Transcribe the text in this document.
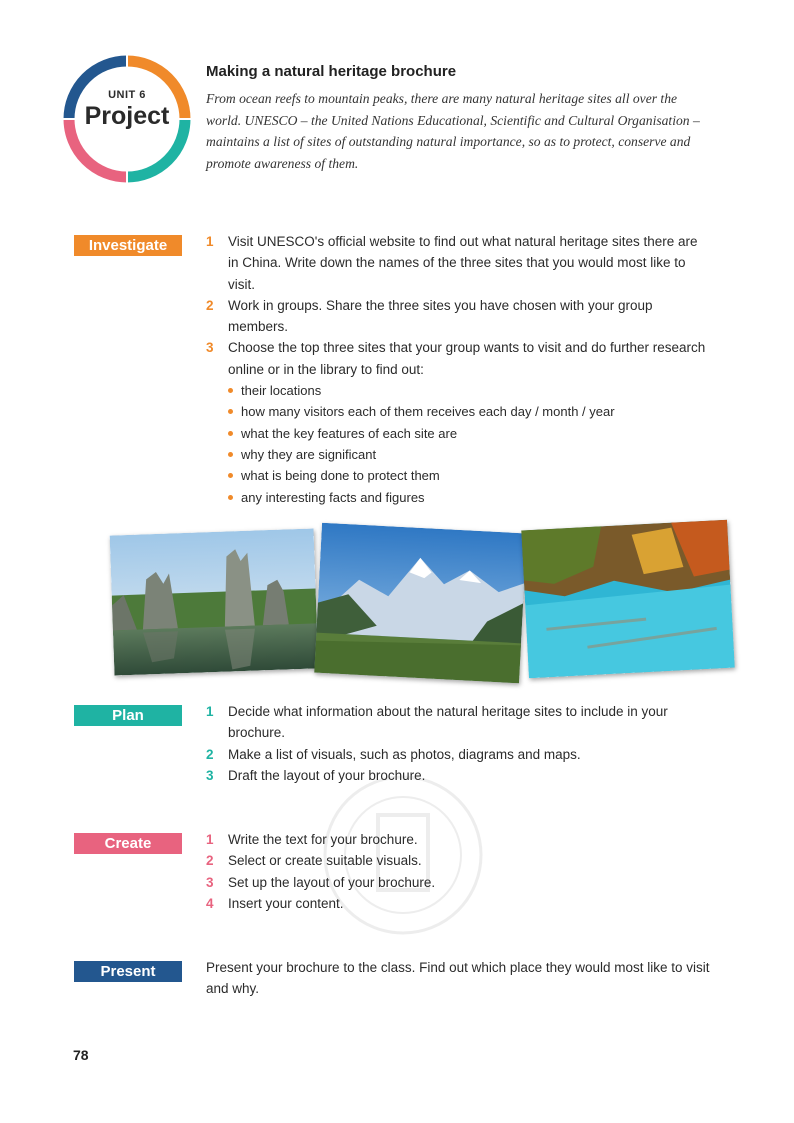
UNIT 6
Project
Making a natural heritage brochure
From ocean reefs to mountain peaks, there are many natural heritage sites all over the world. UNESCO – the United Nations Educational, Scientific and Cultural Organisation – maintains a list of sites of outstanding natural importance, so as to protect, conserve and promote awareness of them.
Investigate	1 Visit UNESCO's official website to find out what natural heritage sites there are in China. Write down the names of the three sites that you would most like to visit.
2 Work in groups. Share the three sites you have chosen with your group members.
3 Choose the top three sites that your group wants to visit and do further research online or in the library to find out:
their locations
how many visitors each of them receives each day / month / year
what the key features of each site are
why they are significant
what is being done to protect them
any interesting facts and figures
Plan	1 Decide what information about the natural heritage sites to include in your brochure.
2 Make a list of visuals, such as photos, diagrams and maps.
3 Draft the layout of your brochure.
Create	1 Write the text for your brochure.
2 Select or create suitable visuals.
3 Set up the layout of your brochure.
4 Insert your content.
Present	Present your brochure to the class. Find out which place they would most like to visit and why.
78
